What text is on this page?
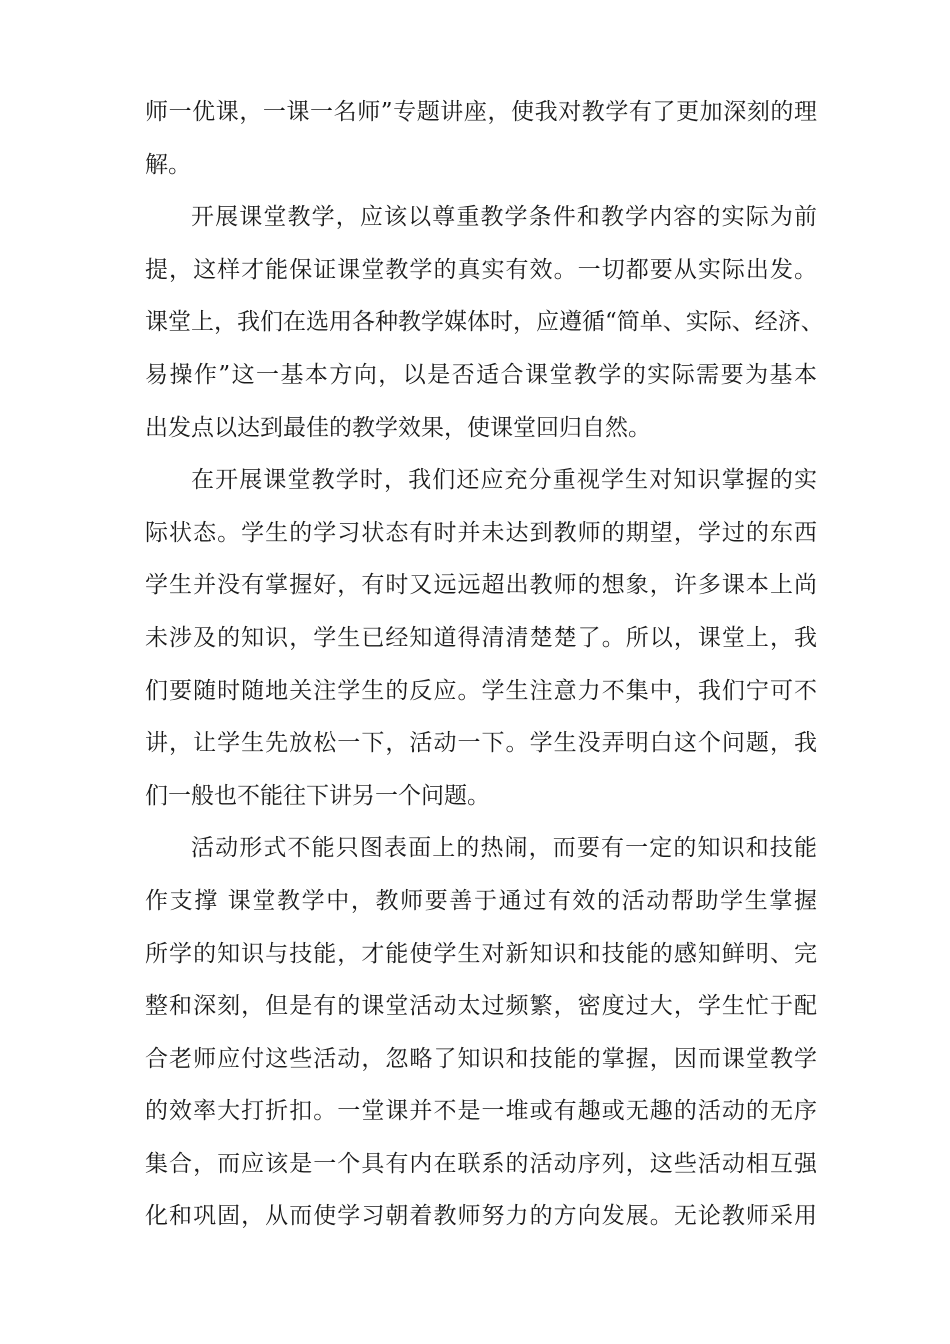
师一优课，一课一名师”专题讲座，使我对教学有了更加深刻的理
解。
开展课堂教学，应该以尊重教学条件和教学内容的实际为前
提，这样才能保证课堂教学的真实有效。一切都要从实际出发。
课堂上，我们在选用各种教学媒体时，应遵循“简单、实际、经济、
易操作”这一基本方向，以是否适合课堂教学的实际需要为基本
出发点以达到最佳的教学效果，使课堂回归自然。
在开展课堂教学时，我们还应充分重视学生对知识掌握的实
际状态。学生的学习状态有时并未达到教师的期望，学过的东西
学生并没有掌握好，有时又远远超出教师的想象，许多课本上尚
未涉及的知识，学生已经知道得清清楚楚了。所以，课堂上，我
们要随时随地关注学生的反应。学生注意力不集中，我们宁可不
讲，让学生先放松一下，活动一下。学生没弄明白这个问题，我
们一般也不能往下讲另一个问题。
活动形式不能只图表面上的热闹，而要有一定的知识和技能
作支撑 课堂教学中，教师要善于通过有效的活动帮助学生掌握
所学的知识与技能，才能使学生对新知识和技能的感知鲜明、完
整和深刻，但是有的课堂活动太过频繁，密度过大，学生忙于配
合老师应付这些活动，忽略了知识和技能的掌握，因而课堂教学
的效率大打折扣。一堂课并不是一堆或有趣或无趣的活动的无序
集合，而应该是一个具有内在联系的活动序列，这些活动相互强
化和巩固，从而使学习朝着教师努力的方向发展。无论教师采用
